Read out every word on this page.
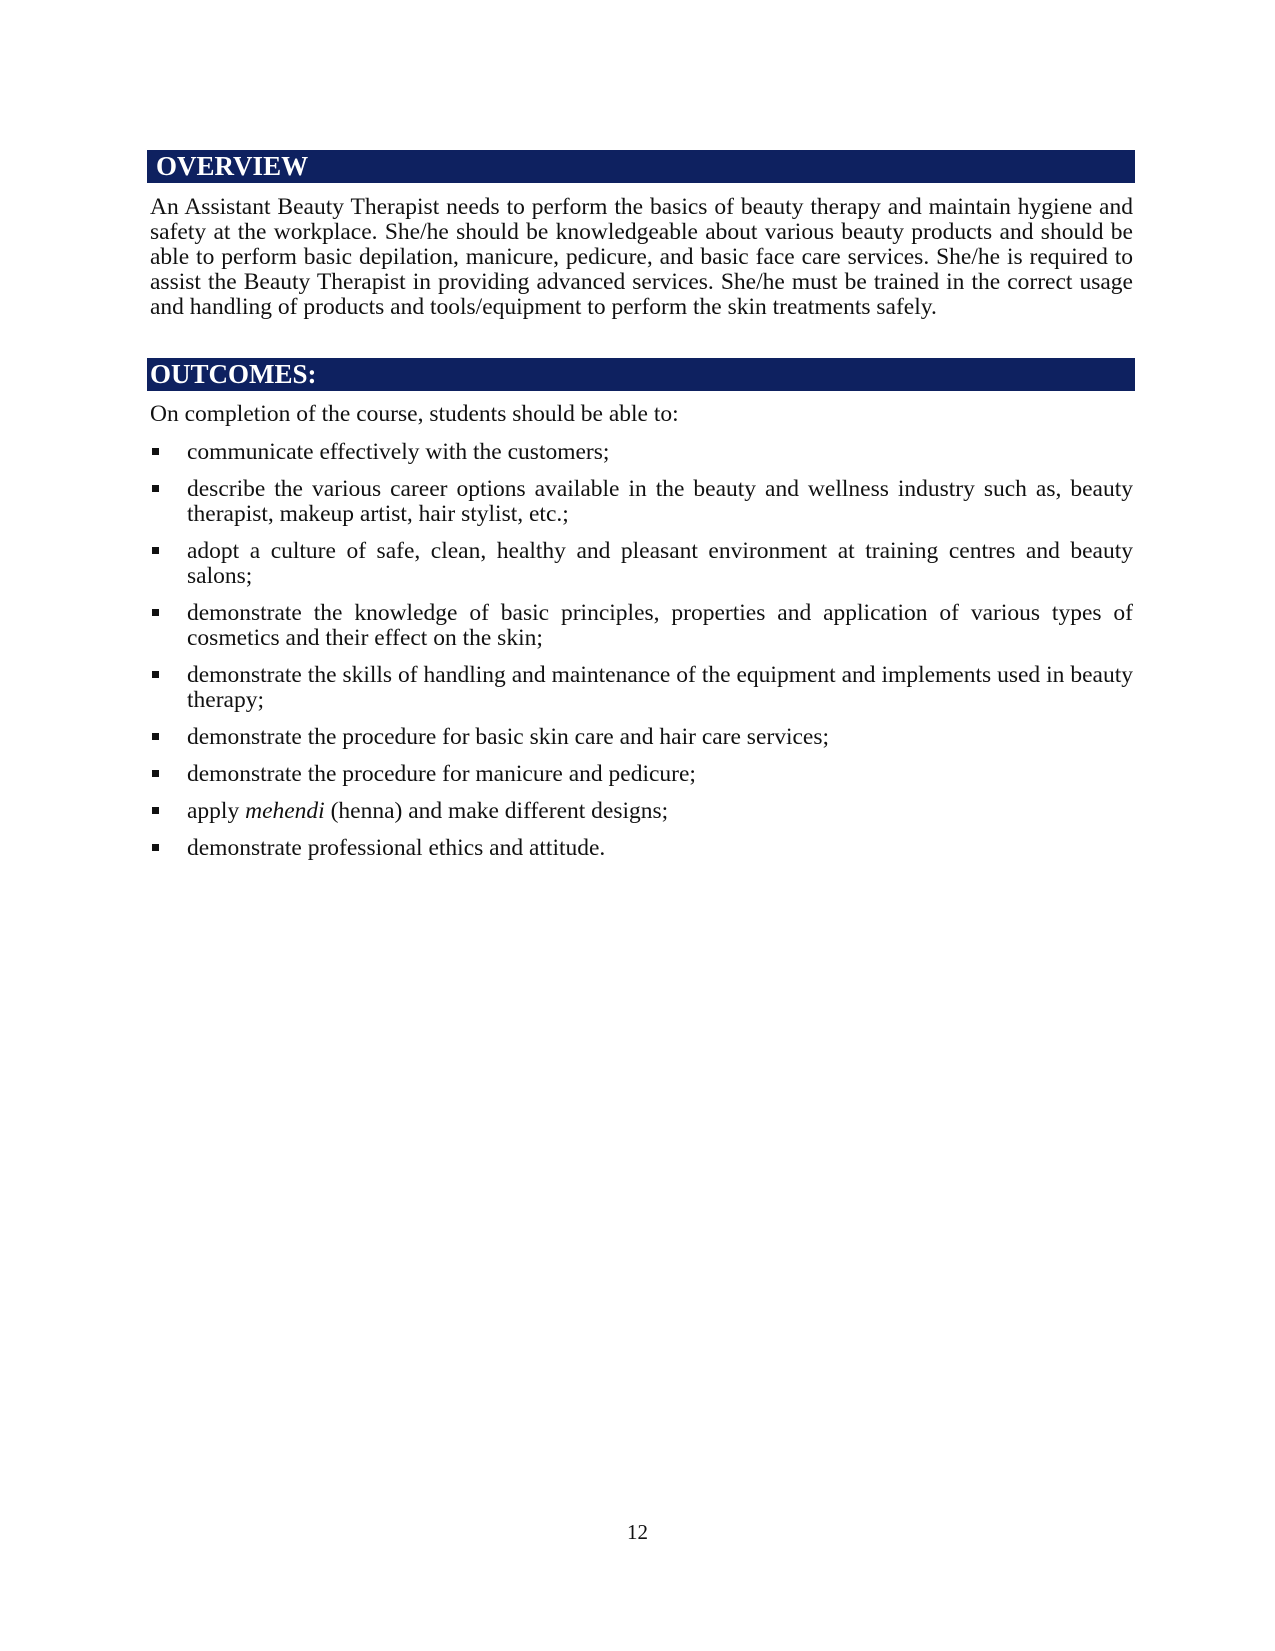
OVERVIEW

An Assistant Beauty Therapist needs to perform the basics of beauty therapy and maintain hygiene and safety at the workplace. She/he should be knowledgeable about various beauty products and should be able to perform basic depilation, manicure, pedicure, and basic face care services. She/he is required to assist the Beauty Therapist in providing advanced services. She/he must be trained in the correct usage and handling of products and tools/equipment to perform the skin treatments safely.

OUTCOMES:

On completion of the course, students should be able to:

communicate effectively with the customers;
describe the various career options available in the beauty and wellness industry such as, beauty therapist, makeup artist, hair stylist, etc.;
adopt a culture of safe, clean, healthy and pleasant environment at training centres and beauty salons;
demonstrate the knowledge of basic principles, properties and application of various types of cosmetics and their effect on the skin;
demonstrate the skills of handling and maintenance of the equipment and implements used in beauty therapy;
demonstrate the procedure for basic skin care and hair care services;
demonstrate the procedure for manicure and pedicure;
apply mehendi (henna) and make different designs;
demonstrate professional ethics and attitude.
12
